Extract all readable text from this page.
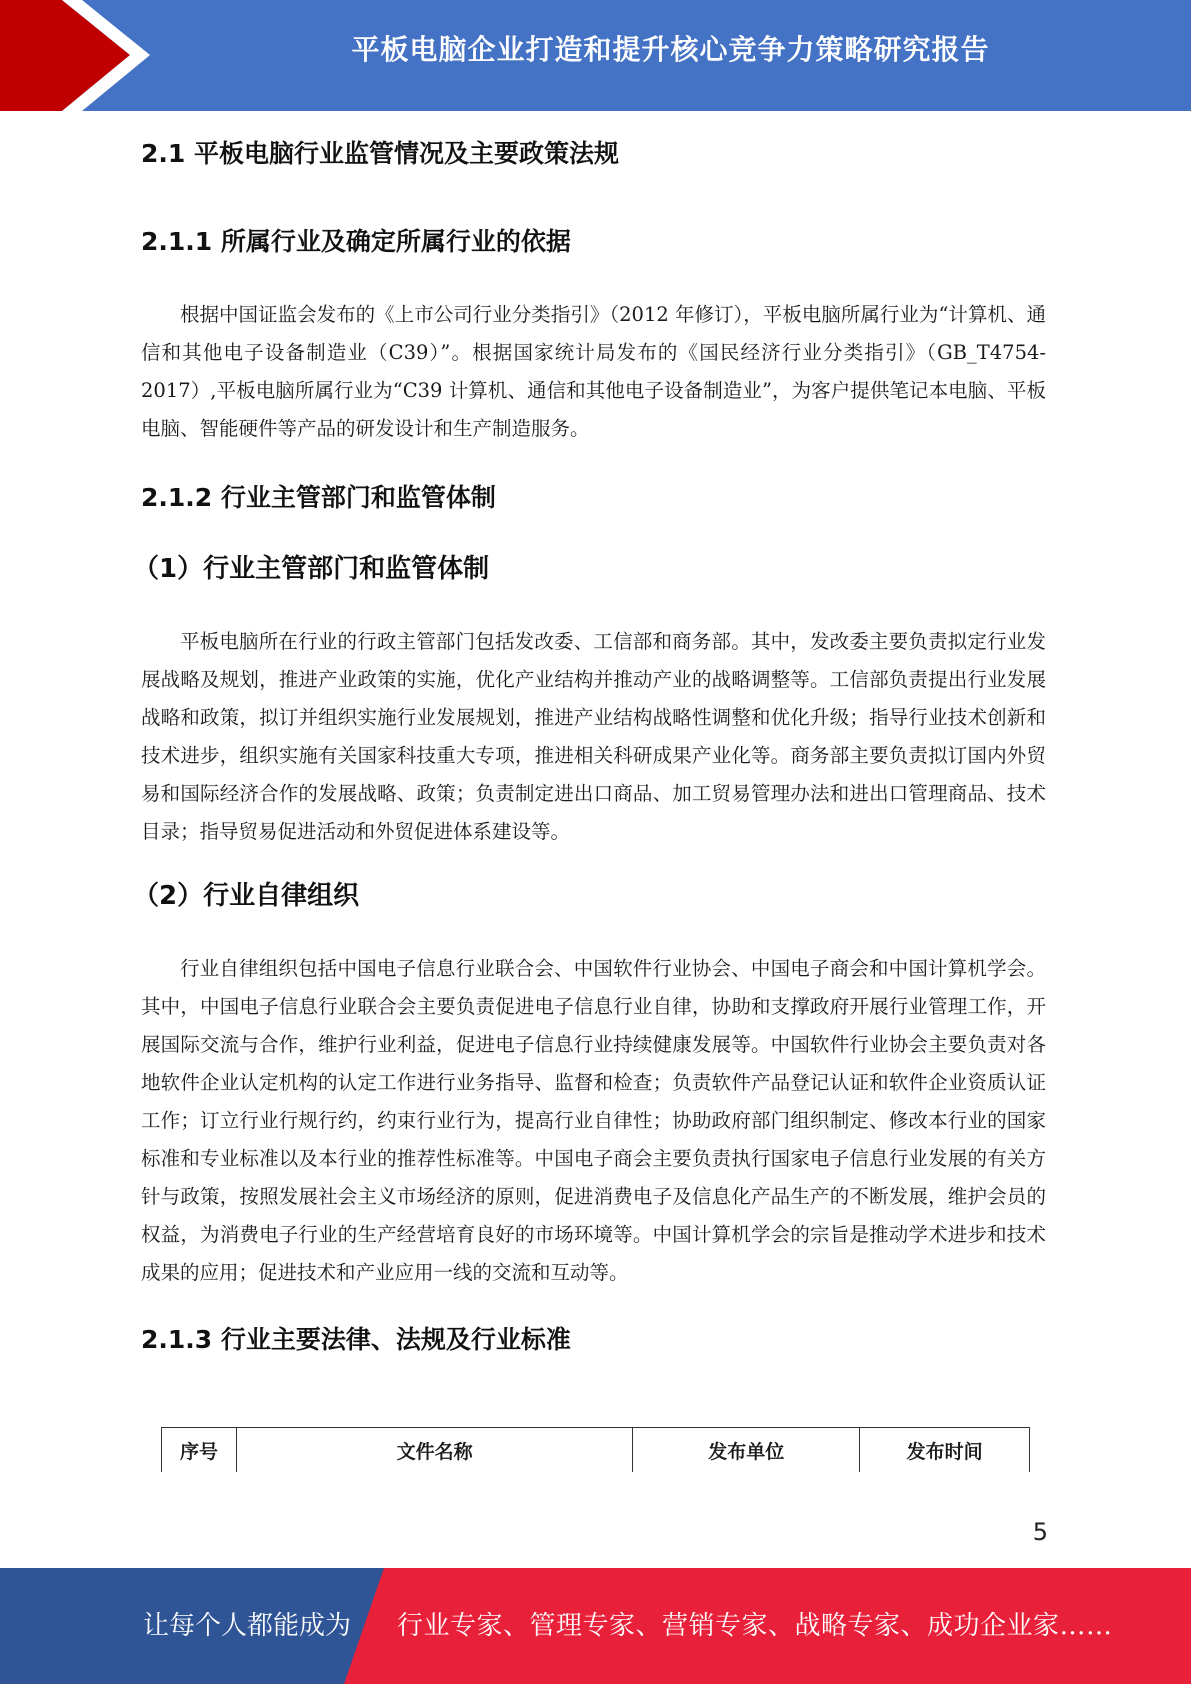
平板电脑企业打造和提升核心竞争力策略研究报告
2.1 平板电脑行业监管情况及主要政策法规
2.1.1 所属行业及确定所属行业的依据

根据中国证监会发布的《上市公司行业分类指引》（2012 年修订），平板电脑所属行业为“计算机、通信和其他电子设备制造业（C39）”。根据国家统计局发布的《国民经济行业分类指引》（GB_T4754-2017）,平板电脑所属行业为“C39 计算机、通信和其他电子设备制造业”，为客户提供笔记本电脑、平板电脑、智能硬件等产品的研发设计和生产制造服务。

2.1.2 行业主管部门和监管体制
（1）行业主管部门和监管体制

平板电脑所在行业的行政主管部门包括发改委、工信部和商务部。其中，发改委主要负责拟定行业发展战略及规划，推进产业政策的实施，优化产业结构并推动产业的战略调整等。工信部负责提出行业发展战略和政策，拟订并组织实施行业发展规划，推进产业结构战略性调整和优化升级；指导行业技术创新和技术进步，组织实施有关国家科技重大专项，推进相关科研成果产业化等。商务部主要负责拟订国内外贸易和国际经济合作的发展战略、政策；负责制定进出口商品、加工贸易管理办法和进出口管理商品、技术目录；指导贸易促进活动和外贸促进体系建设等。

（2）行业自律组织

行业自律组织包括中国电子信息行业联合会、中国软件行业协会、中国电子商会和中国计算机学会。其中，中国电子信息行业联合会主要负责促进电子信息行业自律，协助和支撑政府开展行业管理工作，开展国际交流与合作，维护行业利益，促进电子信息行业持续健康发展等。中国软件行业协会主要负责对各地软件企业认定机构的认定工作进行业务指导、监督和检查；负责软件产品登记认证和软件企业资质认证工作；订立行业行规行约，约束行业行为，提高行业自律性；协助政府部门组织制定、修改本行业的国家标准和专业标准以及本行业的推荐性标准等。中国电子商会主要负责执行国家电子信息行业发展的有关方针与政策，按照发展社会主义市场经济的原则，促进消费电子及信息化产品生产的不断发展，维护会员的权益，为消费电子行业的生产经营培育良好的市场环境等。中国计算机学会的宗旨是推动学术进步和技术成果的应用；促进技术和产业应用一线的交流和互动等。

2.1.3 行业主要法律、法规及行业标准
序号	文件名称	发布单位	发布时间
5
让每个人都能成为 行业专家、管理专家、营销专家、战略专家、成功企业家……
